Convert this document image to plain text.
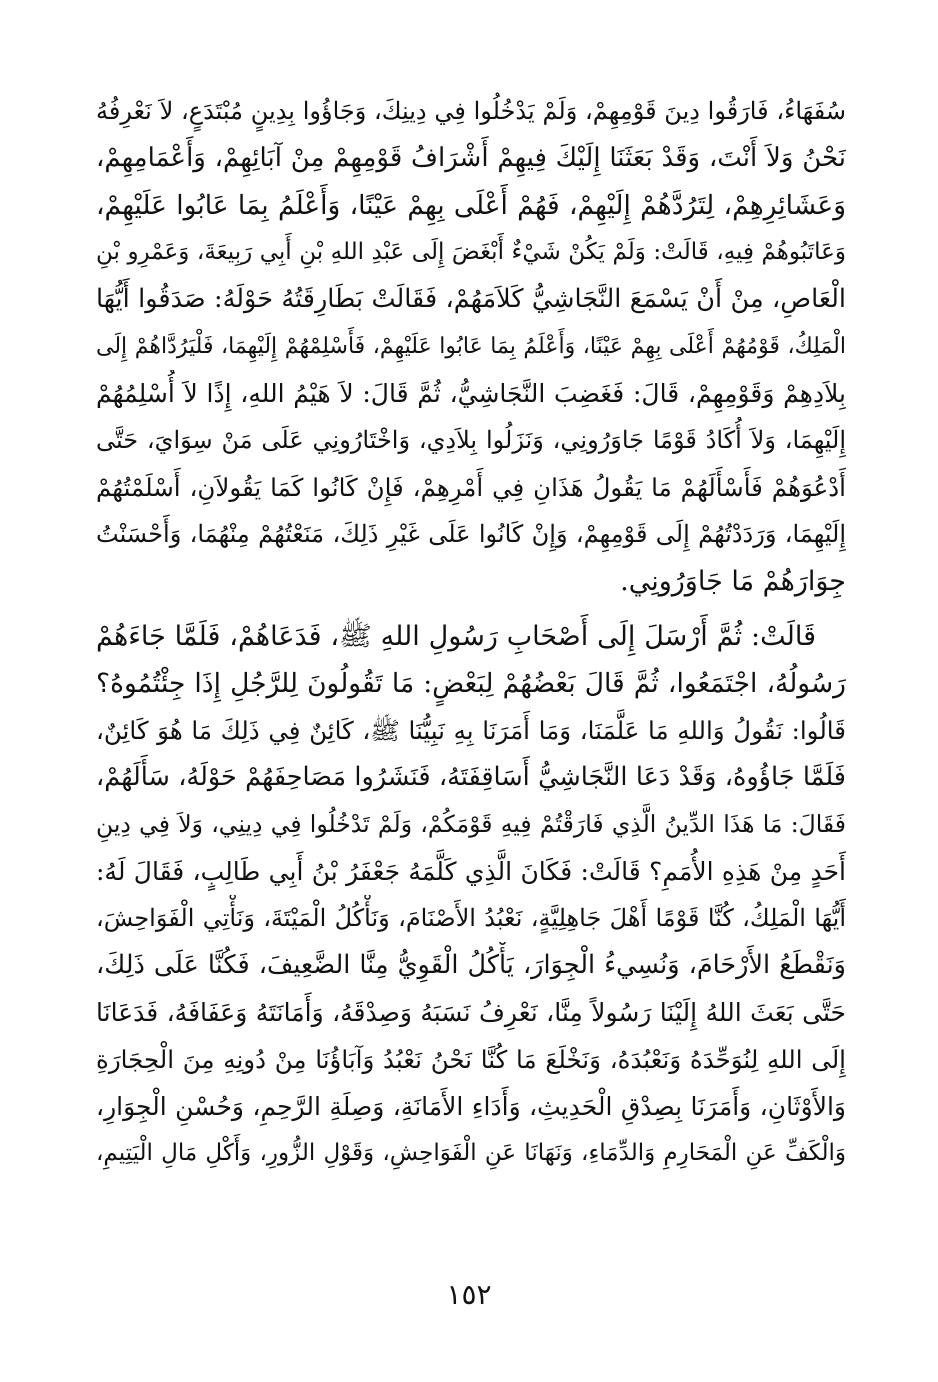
سُفَهَاءُ، فَارَقُوا دِينَ قَوْمِهِمْ، وَلَمْ يَدْخُلُوا فِي دِينِكَ، وَجَاؤُوا بِدِينٍ مُبْتَدَعٍ، لاَ نَعْرِفُهُ
نَحْنُ وَلاَ أَنْتَ، وَقَدْ بَعَثَنَا إِلَيْكَ فِيهِمْ أَشْرَافُ قَوْمِهِمْ مِنْ آبَائِهِمْ، وَأَعْمَامِهِمْ،
وَعَشَائِرِهِمْ، لِتَرُدَّهُمْ إِلَيْهِمْ، فَهُمْ أَعْلَى بِهِمْ عَيْنًا، وَأَعْلَمُ بِمَا عَابُوا عَلَيْهِمْ،
وَعَاتَبُوهُمْ فِيهِ، قَالَتْ: وَلَمْ يَكُنْ شَيْءٌ أَبْغَضَ إِلَى عَبْدِ اللهِ بْنِ أَبِي رَبِيعَةَ، وَعَمْرِو بْنِ
الْعَاصِ، مِنْ أَنْ يَسْمَعَ النَّجَاشِيُّ كَلاَمَهُمْ، فَقَالَتْ بَطَارِقَتُهُ حَوْلَهُ: صَدَقُوا أَيُّهَا
الْمَلِكُ، قَوْمُهُمْ أَعْلَى بِهِمْ عَيْنًا، وَأَعْلَمُ بِمَا عَابُوا عَلَيْهِمْ، فَأَسْلِمْهُمْ إِلَيْهِمَا، فَلْيَرُدَّاهُمْ إِلَى
بِلاَدِهِمْ وَقَوْمِهِمْ، قَالَ: فَغَضِبَ النَّجَاشِيُّ، ثُمَّ قَالَ: لاَ هَيْمُ اللهِ، إِذًا لاَ أُسْلِمُهُمْ
إِلَيْهِمَا، وَلاَ أُكَادُ قَوْمًا جَاوَرُونِي، وَنَزَلُوا بِلاَدِي، وَاخْتَارُونِي عَلَى مَنْ سِوَايَ، حَتَّى
أَدْعُوَهُمْ فَأَسْأَلَهُمْ مَا يَقُولُ هَذَانِ فِي أَمْرِهِمْ، فَإِنْ كَانُوا كَمَا يَقُولاَنِ، أَسْلَمْتُهُمْ
إِلَيْهِمَا، وَرَدَدْتُهُمْ إِلَى قَوْمِهِمْ، وَإِنْ كَانُوا عَلَى غَيْرِ ذَلِكَ، مَنَعْتُهُمْ مِنْهُمَا، وَأَحْسَنْتُ
جِوَارَهُمْ مَا جَاوَرُونِي.
قَالَتْ: ثُمَّ أَرْسَلَ إِلَى أَصْحَابِ رَسُولِ اللهِ ﷺ، فَدَعَاهُمْ، فَلَمَّا جَاءَهُمْ
رَسُولُهُ، اجْتَمَعُوا، ثُمَّ قَالَ بَعْضُهُمْ لِبَعْضٍ: مَا تَقُولُونَ لِلرَّجُلِ إِذَا جِئْتُمُوهُ؟
قَالُوا: نَقُولُ وَاللهِ مَا عَلَّمَنَا، وَمَا أَمَرَنَا بِهِ نَبِيُّنَا ﷺ، كَائِنٌ فِي ذَلِكَ مَا هُوَ كَائِنٌ،
فَلَمَّا جَاؤُوهُ، وَقَدْ دَعَا النَّجَاشِيُّ أَسَاقِفَتَهُ، فَنَشَرُوا مَصَاحِفَهُمْ حَوْلَهُ، سَأَلَهُمْ،
فَقَالَ: مَا هَذَا الدِّينُ الَّذِي فَارَقْتُمْ فِيهِ قَوْمَكُمْ، وَلَمْ تَدْخُلُوا فِي دِينِي، وَلاَ فِي دِينِ
أَحَدٍ مِنْ هَذِهِ الأُمَمِ؟ قَالَتْ: فَكَانَ الَّذِي كَلَّمَهُ جَعْفَرُ بْنُ أَبِي طَالِبٍ، فَقَالَ لَهُ:
أَيُّهَا الْمَلِكُ، كُنَّا قَوْمًا أَهْلَ جَاهِلِيَّةٍ، نَعْبُدُ الأَصْنَامَ، وَنَأْكُلُ الْمَيْتَةَ، وَنَأْتِي الْفَوَاحِشَ،
وَنَقْطَعُ الأَرْحَامَ، وَنُسِيءُ الْجِوَارَ، يَأْكُلُ الْقَوِيُّ مِنَّا الضَّعِيفَ، فَكُنَّا عَلَى ذَلِكَ،
حَتَّى بَعَثَ اللهُ إِلَيْنَا رَسُولاً مِنَّا، نَعْرِفُ نَسَبَهُ وَصِدْقَهُ، وَأَمَانَتَهُ وَعَفَافَهُ، فَدَعَانَا
إِلَى اللهِ لِنُوَحِّدَهُ وَنَعْبُدَهُ، وَنَخْلَعَ مَا كُنَّا نَحْنُ نَعْبُدُ وَآبَاؤُنَا مِنْ دُونِهِ مِنَ الْحِجَارَةِ
وَالأَوْثَانِ، وَأَمَرَنَا بِصِدْقِ الْحَدِيثِ، وَأَدَاءِ الأَمَانَةِ، وَصِلَةِ الرَّحِمِ، وَحُسْنِ الْجِوَارِ،
وَالْكَفِّ عَنِ الْمَحَارِمِ وَالدِّمَاءِ، وَنَهَانَا عَنِ الْفَوَاحِشِ، وَقَوْلِ الزُّورِ، وَأَكْلِ مَالِ الْيَتِيمِ،
١٥٢
